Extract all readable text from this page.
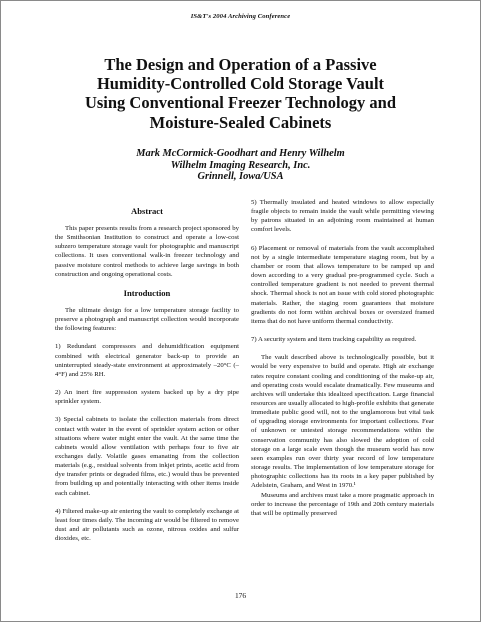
IS&T's 2004 Archiving Conference
The Design and Operation of a Passive
Humidity-Controlled Cold Storage Vault
Using Conventional Freezer Technology and
Moisture-Sealed Cabinets
Mark McCormick-Goodhart and Henry Wilhelm
Wilhelm Imaging Research, Inc.
Grinnell, Iowa/USA
Abstract

This paper presents results from a research project sponsored by the Smithsonian Institution to construct and operate a low-cost subzero temperature storage vault for photographic and manuscript collections. It uses conventional walk-in freezer technology and passive moisture control methods to achieve large savings in both construction and ongoing operational costs.

Introduction

The ultimate design for a low temperature storage facility to preserve a photograph and manuscript collection would incorporate the following features:

1) Redundant compressors and dehumidification equipment combined with electrical generator back-up to provide an uninterrupted steady-state environment at approximately –20°C (–4°F) and 25% RH.

2) An inert fire suppression system backed up by a dry pipe sprinkler system.

3) Special cabinets to isolate the collection materials from direct contact with water in the event of sprinkler system action or other situations where water might enter the vault. At the same time the cabinets would allow ventilation with perhaps four to five air exchanges daily. Volatile gases emanating from the collection materials (e.g., residual solvents from inkjet prints, acetic acid from dye transfer prints or degraded films, etc.) would thus be prevented from building up and potentially interacting with other items inside each cabinet.

4) Filtered make-up air entering the vault to completely exchange at least four times daily. The incoming air would be filtered to remove dust and air pollutants such as ozone, nitrous oxides and sulfur dioxides, etc.

5) Thermally insulated and heated windows to allow especially fragile objects to remain inside the vault while permitting viewing by patrons situated in an adjoining room maintained at human comfort levels.

6) Placement or removal of materials from the vault accomplished not by a single intermediate temperature staging room, but by a chamber or room that allows temperature to be ramped up and down according to a very gradual pre-programmed cycle. Such a controlled temperature gradient is not needed to prevent thermal shock. Thermal shock is not an issue with cold stored photographic materials. Rather, the staging room guarantees that moisture gradients do not form within archival boxes or oversized framed items that do not have uniform thermal conductivity.

7) A security system and item tracking capability as required.

The vault described above is technologically possible, but it would be very expensive to build and operate. High air exchange rates require constant cooling and conditioning of the make-up air, and operating costs would escalate dramatically. Few museums and archives will undertake this idealized specification. Large financial resources are usually allocated to high-profile exhibits that generate immediate public good will, not to the unglamorous but vital task of upgrading storage environments for important collections. Fear of unknown or untested storage recommendations within the conservation community has also slowed the adoption of cold storage on a large scale even though the museum world has now seen examples run over thirty year record of low temperature storage results. The implementation of low temperature storage for photographic collections has its roots in a key paper published by Adelstein, Graham, and West in 1970.¹

Museums and archives must take a more pragmatic approach in order to increase the percentage of 19th and 20th century materials that will be optimally preserved

176
